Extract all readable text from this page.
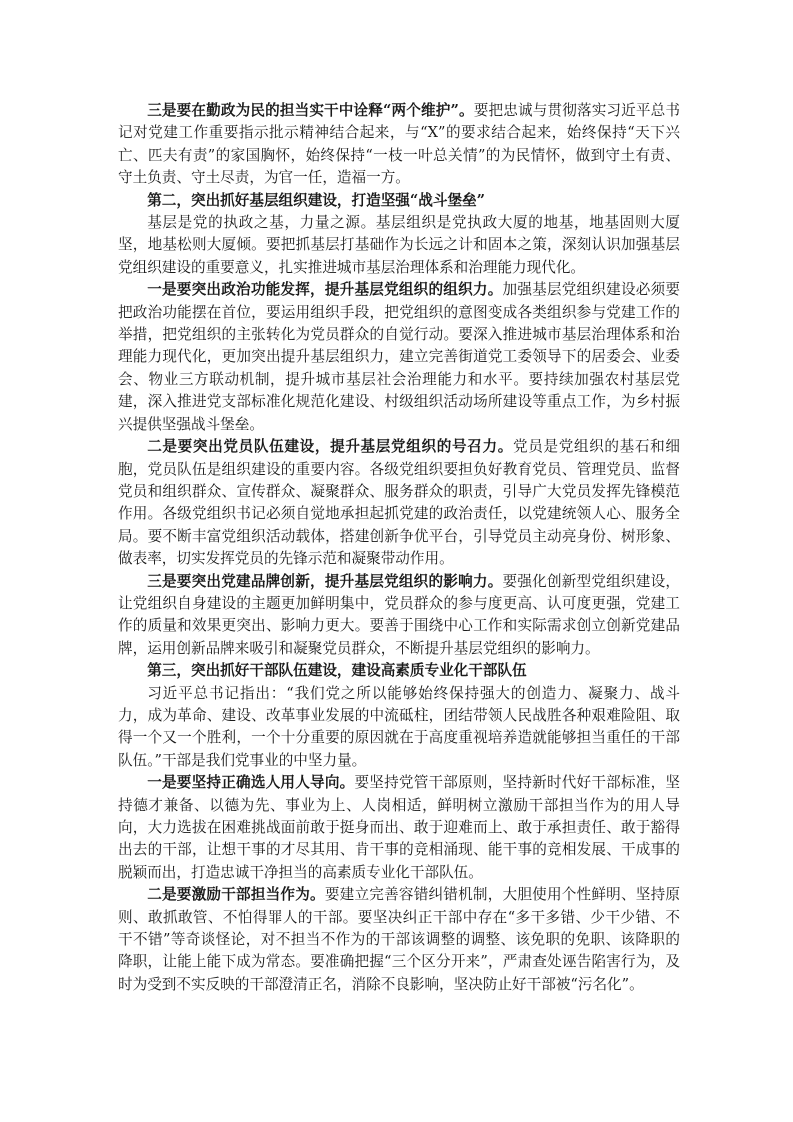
三是要在勤政为民的担当实干中诠释“两个维护”。要把忠诚与贯彻落实习近平总书记对党建工作重要指示批示精神结合起来，与“X”的要求结合起来，始终保持“天下兴亡、匹夫有责”的家国胸怀，始终保持“一枝一叶总关情”的为民情怀，做到守土有责、守土负责、守土尽责，为官一任，造福一方。

第二，突出抓好基层组织建设，打造坚强“战斗堡垒”

基层是党的执政之基，力量之源。基层组织是党执政大厦的地基，地基固则大厦坚，地基松则大厦倾。要把抓基层打基础作为长远之计和固本之策，深刻认识加强基层党组织建设的重要意义，扎实推进城市基层治理体系和治理能力现代化。

一是要突出政治功能发挥，提升基层党组织的组织力。加强基层党组织建设必须要把政治功能摆在首位，要运用组织手段，把党组织的意图变成各类组织参与党建工作的举措，把党组织的主张转化为党员群众的自觉行动。要深入推进城市基层治理体系和治理能力现代化，更加突出提升基层组织力，建立完善街道党工委领导下的居委会、业委会、物业三方联动机制，提升城市基层社会治理能力和水平。要持续加强农村基层党建，深入推进党支部标准化规范化建设、村级组织活动场所建设等重点工作，为乡村振兴提供坚强战斗堡垒。

二是要突出党员队伍建设，提升基层党组织的号召力。党员是党组织的基石和细胞，党员队伍是组织建设的重要内容。各级党组织要担负好教育党员、管理党员、监督党员和组织群众、宣传群众、凝聚群众、服务群众的职责，引导广大党员发挥先锋模范作用。各级党组织书记必须自觉地承担起抓党建的政治责任，以党建统领人心、服务全局。要不断丰富党组织活动载体，搭建创新争优平台，引导党员主动亮身份、树形象、做表率，切实发挥党员的先锋示范和凝聚带动作用。

三是要突出党建品牌创新，提升基层党组织的影响力。要强化创新型党组织建设，让党组织自身建设的主题更加鲜明集中，党员群众的参与度更高、认可度更强，党建工作的质量和效果更突出、影响力更大。要善于围绕中心工作和实际需求创立创新党建品牌，运用创新品牌来吸引和凝聚党员群众，不断提升基层党组织的影响力。

第三，突出抓好干部队伍建设，建设高素质专业化干部队伍

习近平总书记指出：“我们党之所以能够始终保持强大的创造力、凝聚力、战斗力，成为革命、建设、改革事业发展的中流砥柱，团结带领人民战胜各种艰难险阻、取得一个又一个胜利，一个十分重要的原因就在于高度重视培养造就能够担当重任的干部队伍。”干部是我们党事业的中坚力量。

一是要坚持正确选人用人导向。要坚持党管干部原则，坚持新时代好干部标准，坚持德才兼备、以德为先、事业为上、人岗相适，鲜明树立激励干部担当作为的用人导向，大力选拔在困难挑战面前敢于挺身而出、敢于迎难而上、敢于承担责任、敢于豁得出去的干部，让想干事的才尽其用、肯干事的竞相涌现、能干事的竞相发展、干成事的脱颖而出，打造忠诚干净担当的高素质专业化干部队伍。

二是要激励干部担当作为。要建立完善容错纠错机制，大胆使用个性鲜明、坚持原则、敢抓敢管、不怕得罪人的干部。要坚决纠正干部中存在“多干多错、少干少错、不干不错”等奇谈怪论，对不担当不作为的干部该调整的调整、该免职的免职、该降职的降职，让能上能下成为常态。要准确把握“三个区分开来”，严肃查处诬告陷害行为，及时为受到不实反映的干部澄清正名，消除不良影响，坚决防止好干部被“污名化”。
